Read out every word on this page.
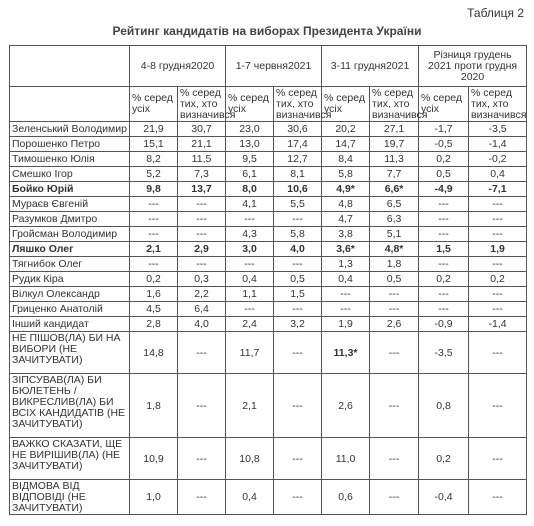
Таблиця 2
Рейтинг кандидатів на виборах Президента України
	4-8 грудня2020		1-7 червня2021		3-11 грудня2021		Різниця грудень 2021 проти грудня 2020	
	% серед усіх	% серед тих, хто визначився	% серед усіх	% серед тих, хто визначився	% серед усіх	% серед тих, хто визначився	% серед усіх	% серед тих, хто визначився
Зеленський Володимир	21,9	30,7	23,0	30,6	20,2	27,1	-1,7	-3,5
Порошенко Петро	15,1	21,1	13,0	17,4	14,7	19,7	-0,5	-1,4
Тимошенко Юлія	8,2	11,5	9,5	12,7	8,4	11,3	0,2	-0,2
Смешко Ігор	5,2	7,3	6,1	8,1	5,8	7,7	0,5	0,4
Бойко Юрій	9,8	13,7	8,0	10,6	4,9*	6,6*	-4,9	-7,1
Мураєв Євгеній	---	---	4,1	5,5	4,8	6,5	---	---
Разумков Дмитро	---	---	---	---	4,7	6,3	---	---
Гройсман Володимир	---	---	4,3	5,8	3,8	5,1	---	---
Ляшко Олег	2,1	2,9	3,0	4,0	3,6*	4,8*	1,5	1,9
Тягнибок Олег	---	---	---	---	1,3	1,8	---	---
Рудик Кіра	0,2	0,3	0,4	0,5	0,4	0,5	0,2	0,2
Вілкул Олександр	1,6	2,2	1,1	1,5	---	---	---	---
Гриценко Анатолій	4,5	6,4	---	---	---	---	---	---
Інший кандидат	2,8	4,0	2,4	3,2	1,9	2,6	-0,9	-1,4
НЕ ПІШОВ(ЛА) БИ НА ВИБОРИ (НЕ ЗАЧИТУВАТИ)	14,8	---	11,7	---	11,3*	---	-3,5	---
ЗІПСУВАВ(ЛА) БИ БЮЛЕТЕНЬ / ВИКРЕСЛИВ(ЛА) БИ ВСІХ КАНДИДАТІВ (НЕ ЗАЧИТУВАТИ)	1,8	---	2,1	---	2,6	---	0,8	---
ВАЖКО СКАЗАТИ, ЩЕ НЕ ВИРІШИВ(ЛА) (НЕ ЗАЧИТУВАТИ)	10,9	---	10,8	---	11,0	---	0,2	---
ВІДМОВА ВІД ВІДПОВІДІ (НЕ ЗАЧИТУВАТИ)	1,0	---	0,4	---	0,6	---	-0,4	---
